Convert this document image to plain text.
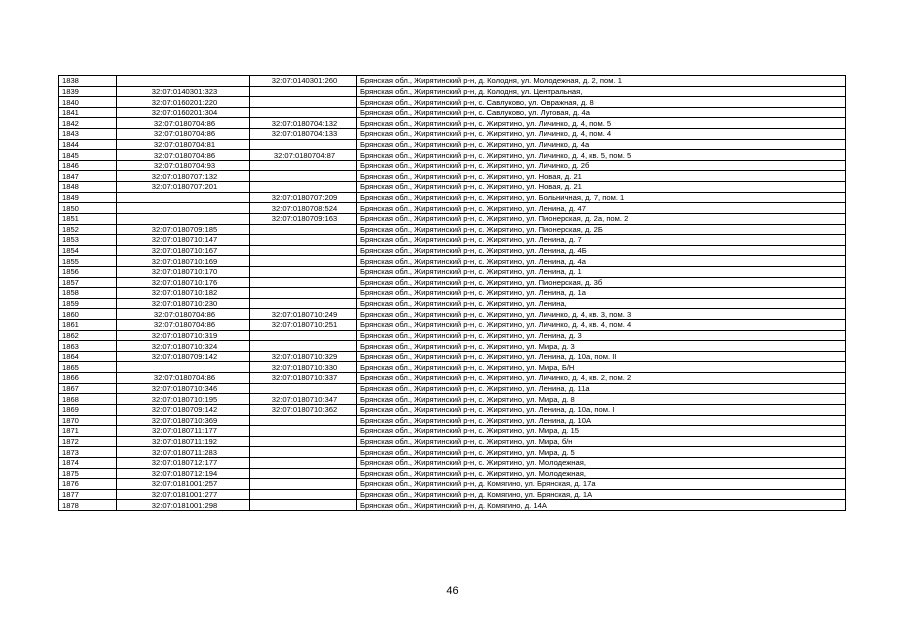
1838		32:07:0140301:260	Брянская обл., Жирятинский р-н, д. Колодня, ул. Молодежная, д. 2, пом. 1
1839	32:07:0140301:323		Брянская обл., Жирятинский р-н, д. Колодня, ул. Центральная,
1840	32:07:0160201:220		Брянская обл., Жирятинский р-н, с. Савлуково, ул. Овражная, д. 8
1841	32:07:0160201:304		Брянская обл., Жирятинский р-н, с. Савлуково, ул. Луговая, д. 4а
1842	32:07:0180704:86	32:07:0180704:132	Брянская обл., Жирятинский р-н, с. Жирятино, ул. Личинко, д. 4, пом. 5
1843	32:07:0180704:86	32:07:0180704:133	Брянская обл., Жирятинский р-н, с. Жирятино, ул. Личинко, д. 4, пом. 4
1844	32:07:0180704:81		Брянская обл., Жирятинский р-н, с. Жирятино, ул. Личинко, д. 4а
1845	32:07:0180704:86	32:07:0180704:87	Брянская обл., Жирятинский р-н, с. Жирятино, ул. Личинко, д. 4, кв. 5, пом. 5
1846	32:07:0180704:93		Брянская обл., Жирятинский р-н, с. Жирятино, ул. Личинко, д. 2б
1847	32:07:0180707:132		Брянская обл., Жирятинский р-н, с. Жирятино, ул. Новая, д. 21
1848	32:07:0180707:201		Брянская обл., Жирятинский р-н, с. Жирятино, ул. Новая, д. 21
1849		32:07:0180707:209	Брянская обл., Жирятинский р-н, с. Жирятино, ул. Больничная, д. 7, пом. 1
1850		32:07:0180708:524	Брянская обл., Жирятинский р-н, с. Жирятино, ул. Ленина, д. 47
1851		32:07:0180709:163	Брянская обл., Жирятинский р-н, с. Жирятино, ул. Пионерская, д. 2а, пом. 2
1852	32:07:0180709:185		Брянская обл., Жирятинский р-н, с. Жирятино, ул. Пионерская, д. 2Б
1853	32:07:0180710:147		Брянская обл., Жирятинский р-н, с. Жирятино, ул. Ленина, д. 7
1854	32:07:0180710:167		Брянская обл., Жирятинский р-н, с. Жирятино, ул. Ленина, д. 4Б
1855	32:07:0180710:169		Брянская обл., Жирятинский р-н, с. Жирятино, ул. Ленина, д. 4а
1856	32:07:0180710:170		Брянская обл., Жирятинский р-н, с. Жирятино, ул. Ленина, д. 1
1857	32:07:0180710:176		Брянская обл., Жирятинский р-н, с. Жирятино, ул. Пионерская, д. 3б
1858	32:07:0180710:182		Брянская обл., Жирятинский р-н, с. Жирятино, ул. Ленина, д. 1а
1859	32:07:0180710:230		Брянская обл., Жирятинский р-н, с. Жирятино, ул. Ленина,
1860	32:07:0180704:86	32:07:0180710:249	Брянская обл., Жирятинский р-н, с. Жирятино, ул. Личинко, д. 4, кв. 3, пом. 3
1861	32:07:0180704:86	32:07:0180710:251	Брянская обл., Жирятинский р-н, с. Жирятино, ул. Личинко, д. 4, кв. 4, пом. 4
1862	32:07:0180710:319		Брянская обл., Жирятинский р-н, с. Жирятино, ул. Ленина, д. 3
1863	32:07:0180710:324		Брянская обл., Жирятинский р-н, с. Жирятино, ул. Мира, д. 3
1864	32:07:0180709:142	32:07:0180710:329	Брянская обл., Жирятинский р-н, с. Жирятино, ул. Ленина, д. 10а, пом. II
1865		32:07:0180710:330	Брянская обл., Жирятинский р-н, с. Жирятино, ул. Мира, Б/Н
1866	32:07:0180704:86	32:07:0180710:337	Брянская обл., Жирятинский р-н, с. Жирятино, ул. Личинко, д. 4, кв. 2, пом. 2
1867	32:07:0180710:346		Брянская обл., Жирятинский р-н, с. Жирятино, ул. Ленина, д. 11а
1868	32:07:0180710:195	32:07:0180710:347	Брянская обл., Жирятинский р-н, с. Жирятино, ул. Мира, д. 8
1869	32:07:0180709:142	32:07:0180710:362	Брянская обл., Жирятинский р-н, с. Жирятино, ул. Ленина, д. 10а, пом. I
1870	32:07:0180710:369		Брянская обл., Жирятинский р-н, с. Жирятино, ул. Ленина, д. 10А
1871	32:07:0180711:177		Брянская обл., Жирятинский р-н, с. Жирятино, ул. Мира, д. 15
1872	32:07:0180711:192		Брянская обл., Жирятинский р-н, с. Жирятино, ул. Мира, б/н
1873	32:07:0180711:283		Брянская обл., Жирятинский р-н, с. Жирятино, ул. Мира, д. 5
1874	32:07:0180712:177		Брянская обл., Жирятинский р-н, с. Жирятино, ул. Молодежная,
1875	32:07:0180712:194		Брянская обл., Жирятинский р-н, с. Жирятино, ул. Молодежная,
1876	32:07:0181001:257		Брянская обл., Жирятинский р-н, д. Комягино, ул. Брянская, д. 17а
1877	32:07:0181001:277		Брянская обл., Жирятинский р-н, д. Комягино, ул. Брянская, д. 1А
1878	32:07:0181001:298		Брянская обл., Жирятинский р-н, д. Комягино, д. 14А
46
